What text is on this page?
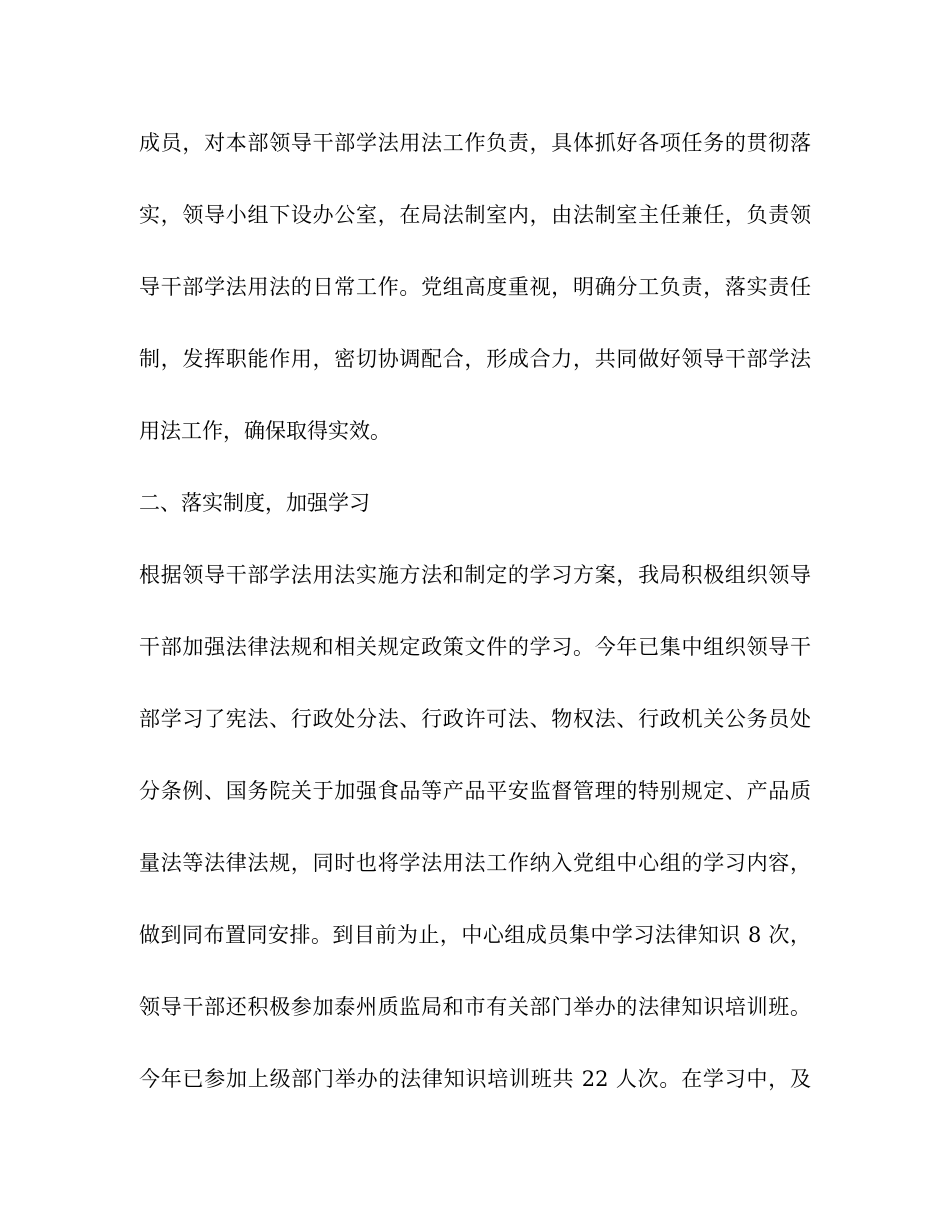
成员，对本部领导干部学法用法工作负责，具体抓好各项任务的贯彻落
实，领导小组下设办公室，在局法制室内，由法制室主任兼任，负责领
导干部学法用法的日常工作。党组高度重视，明确分工负责，落实责任
制，发挥职能作用，密切协调配合，形成合力，共同做好领导干部学法
用法工作，确保取得实效。
二、落实制度，加强学习
根据领导干部学法用法实施方法和制定的学习方案，我局积极组织领导
干部加强法律法规和相关规定政策文件的学习。今年已集中组织领导干
部学习了宪法、行政处分法、行政许可法、物权法、行政机关公务员处
分条例、国务院关于加强食品等产品平安监督管理的特别规定、产品质
量法等法律法规，同时也将学法用法工作纳入党组中心组的学习内容，
做到同布置同安排。到目前为止，中心组成员集中学习法律知识 8 次，
领导干部还积极参加泰州质监局和市有关部门举办的法律知识培训班。
今年已参加上级部门举办的法律知识培训班共 22 人次。在学习中，及
